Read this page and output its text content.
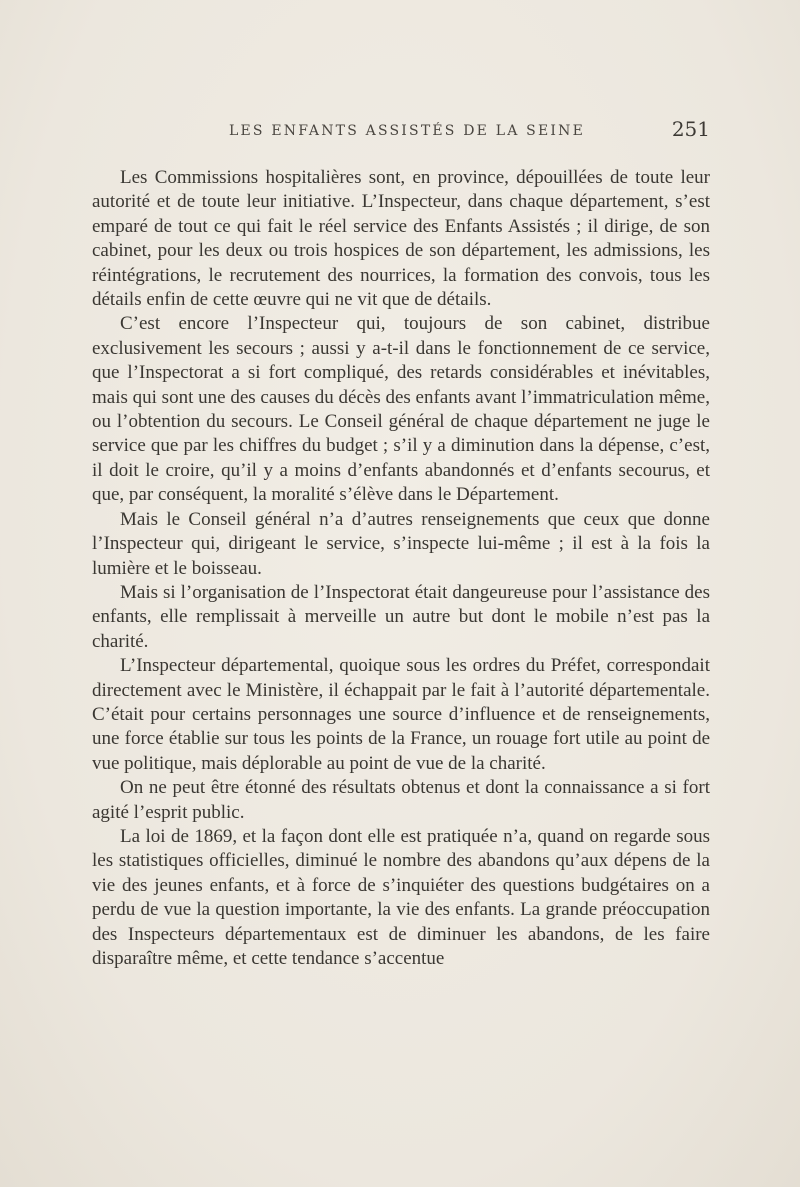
LES ENFANTS ASSISTÉS DE LA SEINE	251

Les Commissions hospitalières sont, en province, dépouillées de toute leur autorité et de toute leur initiative. L’Inspecteur, dans chaque département, s’est emparé de tout ce qui fait le réel service des Enfants Assistés ; il dirige, de son cabinet, pour les deux ou trois hospices de son département, les admissions, les réintégrations, le recrutement des nourrices, la formation des convois, tous les détails enfin de cette œuvre qui ne vit que de détails.

C’est encore l’Inspecteur qui, toujours de son cabinet, distribue exclusivement les secours ; aussi y a-t-il dans le fonctionnement de ce service, que l’Inspectorat a si fort compliqué, des retards considérables et inévitables, mais qui sont une des causes du décès des enfants avant l’immatriculation même, ou l’obtention du secours. Le Conseil général de chaque département ne juge le service que par les chiffres du budget ; s’il y a diminution dans la dépense, c’est, il doit le croire, qu’il y a moins d’enfants abandonnés et d’enfants secourus, et que, par conséquent, la moralité s’élève dans le Département.

Mais le Conseil général n’a d’autres renseignements que ceux que donne l’Inspecteur qui, dirigeant le service, s’inspecte lui-même ; il est à la fois la lumière et le boisseau.

Mais si l’organisation de l’Inspectorat était dangeureuse pour l’assistance des enfants, elle remplissait à merveille un autre but dont le mobile n’est pas la charité.

L’Inspecteur départemental, quoique sous les ordres du Préfet, correspondait directement avec le Ministère, il échappait par le fait à l’autorité départementale. C’était pour certains personnages une source d’influence et de renseignements, une force établie sur tous les points de la France, un rouage fort utile au point de vue politique, mais déplorable au point de vue de la charité.

On ne peut être étonné des résultats obtenus et dont la connaissance a si fort agité l’esprit public.

La loi de 1869, et la façon dont elle est pratiquée n’a, quand on regarde sous les statistiques officielles, diminué le nombre des abandons qu’aux dépens de la vie des jeunes enfants, et à force de s’inquiéter des questions budgétaires on a perdu de vue la question importante, la vie des enfants. La grande préoccupation des Inspecteurs départementaux est de diminuer les abandons, de les faire disparaître même, et cette tendance s’accentue
